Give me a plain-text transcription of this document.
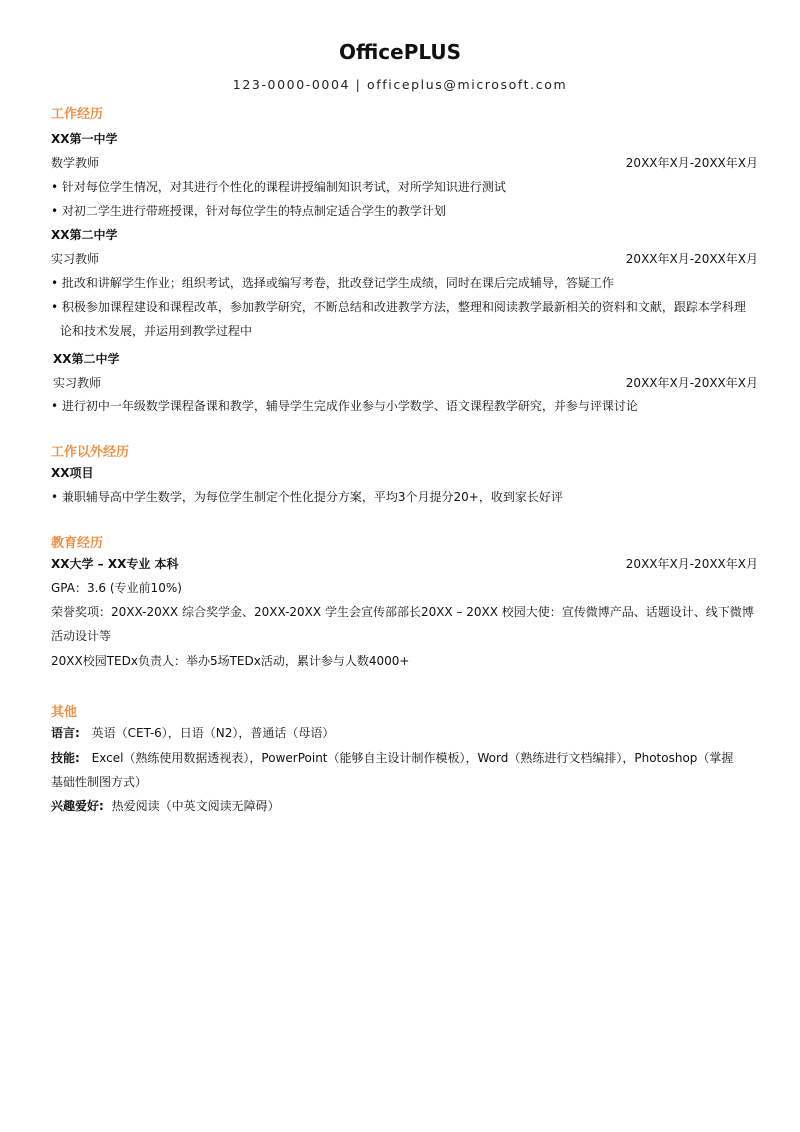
OfficePLUS
123-0000-0004 | officeplus@microsoft.com
工作经历
XX第一中学
数学教师	20XX年X月-20XX年X月
• 针对每位学生情况，对其进行个性化的课程讲授编制知识考试，对所学知识进行测试
• 对初二学生进行带班授课，针对每位学生的特点制定适合学生的教学计划
XX第二中学
实习教师	20XX年X月-20XX年X月
• 批改和讲解学生作业；组织考试，选择或编写考卷，批改登记学生成绩，同时在课后完成辅导，答疑工作
• 积极参加课程建设和课程改革，参加教学研究，不断总结和改进教学方法，整理和阅读教学最新相关的资料和文献，跟踪本学科理
论和技术发展，并运用到教学过程中
XX第二中学
实习教师	20XX年X月-20XX年X月
• 进行初中一年级数学课程备课和教学，辅导学生完成作业参与小学数学、语文课程教学研究，并参与评课讨论
工作以外经历
XX项目
• 兼职辅导高中学生数学，为每位学生制定个性化提分方案，平均3个月提分20+，收到家长好评
教育经历
XX大学 – XX专业 本科	20XX年X月-20XX年X月
GPA：3.6 (专业前10%)
荣誉奖项：20XX-20XX 综合奖学金、20XX-20XX 学生会宣传部部长20XX – 20XX 校园大使：宣传微博产品、话题设计、线下微博
活动设计等
20XX校园TEDx负责人：举办5场TEDx活动，累计参与人数4000+
其他
语言: 英语（CET-6），日语（N2），普通话（母语）
技能: Excel（熟练使用数据透视表），PowerPoint（能够自主设计制作模板），Word（熟练进行文档编排），Photoshop（掌握
基础性制图方式）
兴趣爱好: 热爱阅读（中英文阅读无障碍）
